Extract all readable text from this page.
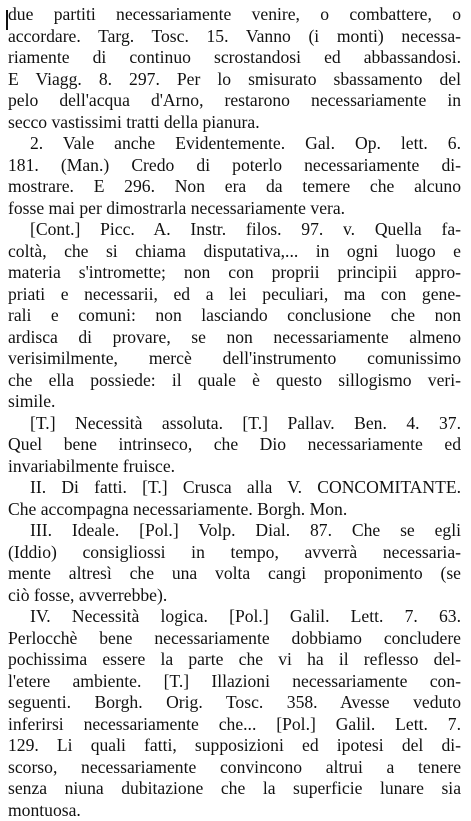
due partiti necessariamente venire, o combattere, o
accordare. Targ. Tosc. 15. Vanno (i monti) necessa-
riamente di continuo scrostandosi ed abbassandosi.
E Viagg. 8. 297. Per lo smisurato sbassamento del
pelo dell'acqua d'Arno, restarono necessariamente in
secco vastissimi tratti della pianura.
2. Vale anche Evidentemente. Gal. Op. lett. 6.
181. (Man.) Credo di poterlo necessariamente di-
mostrare. E 296. Non era da temere che alcuno
fosse mai per dimostrarla necessariamente vera.
[Cont.] Picc. A. Instr. filos. 97. v. Quella fa-
coltà, che si chiama disputativa,... in ogni luogo e
materia s'intromette; non con proprii principii appro-
priati e necessarii, ed a lei peculiari, ma con gene-
rali e comuni: non lasciando conclusione che non
ardisca di provare, se non necessariamente almeno
verisimilmente, mercè dell'instrumento comunissimo
che ella possiede: il quale è questo sillogismo veri-
simile.
[T.] Necessità assoluta. [T.] Pallav. Ben. 4. 37.
Quel bene intrinseco, che Dio necessariamente ed
invariabilmente fruisce.
II. Di fatti. [T.] Crusca alla V. CONCOMITANTE.
Che accompagna necessariamente. Borgh. Mon.
III. Ideale. [Pol.] Volp. Dial. 87. Che se egli
(Iddio) consigliossi in tempo, avverrà necessaria-
mente altresì che una volta cangi proponimento (se
ciò fosse, avverrebbe).
IV. Necessità logica. [Pol.] Galil. Lett. 7. 63.
Perlocchè bene necessariamente dobbiamo concludere
pochissima essere la parte che vi ha il reflesso del-
l'etere ambiente. [T.] Illazioni necessariamente con-
seguenti. Borgh. Orig. Tosc. 358. Avesse veduto
inferirsi necessariamente che... [Pol.] Galil. Lett. 7.
129. Li quali fatti, supposizioni ed ipotesi del di-
scorso, necessariamente convincono altrui a tenere
senza niuna dubitazione che la superficie lunare sia
montuosa.
